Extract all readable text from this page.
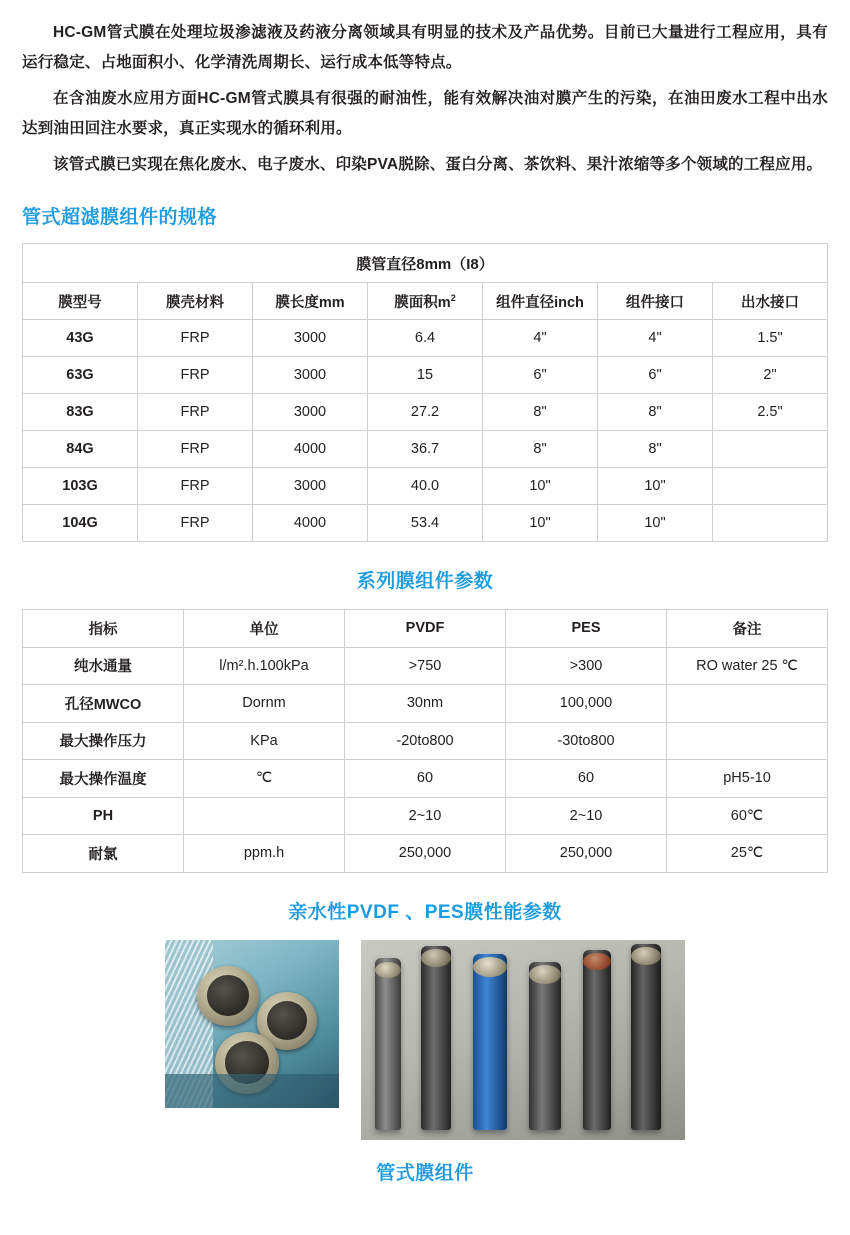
HC-GM管式膜在处理垃圾渗滤液及药液分离领域具有明显的技术及产品优势。目前已大量进行工程应用，具有运行稳定、占地面积小、化学清洗周期长、运行成本低等特点。

在含油废水应用方面HC-GM管式膜具有很强的耐油性，能有效解决油对膜产生的污染，在油田废水工程中出水达到油田回注水要求，真正实现水的循环利用。

该管式膜已实现在焦化废水、电子废水、印染PVA脱除、蛋白分离、茶饮料、果汁浓缩等多个领域的工程应用。

管式超滤膜组件的规格
膜管直径8mm（I8）						
膜型号	膜壳材料	膜长度mm	膜面积$m^2$	组件直径inch	组件接口	出水接口
43G	FRP	3000	6.4	4"	4"	1.5"
63G	FRP	3000	15	6"	6"	2"
83G	FRP	3000	27.2	8"	8"	2.5"
84G	FRP	4000	36.7	8"	8"	
103G	FRP	3000	40.0	10"	10"	
104G	FRP	4000	53.4	10"	10"	
系列膜组件参数
指标	单位	PVDF	PES	备注
纯水通量	l/m².h.100kPa	>750	>300	RO water 25 ℃
孔径MWCO	Dornm	30nm	100,000	
最大操作压力	KPa	-20to800	-30to800	
最大操作温度	℃	60	60	pH5-10
PH		2~10	2~10	60℃
耐氯	ppm.h	250,000	250,000	25℃
亲水性PVDF 、PES膜性能参数
管式膜组件
